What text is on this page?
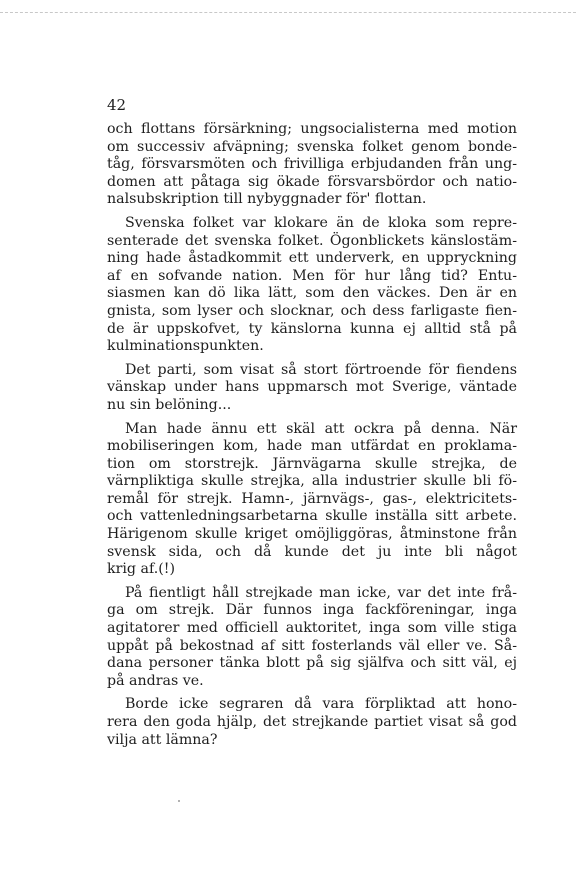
42
och flottans försärkning; ungsocialisterna med motion
om successiv afväpning; svenska folket genom bonde-
tåg, försvarsmöten och frivilliga erbjudanden från ung-
domen att påtaga sig ökade försvarsbördor och natio-
nalsubskription till nybyggnader för' flottan.
Svenska folket var klokare än de kloka som repre-
senterade det svenska folket. Ögonblickets känslostäm-
ning hade åstadkommit ett underverk, en uppryckning
af en sofvande nation. Men för hur lång tid? Entu-
siasmen kan dö lika lätt, som den väckes. Den är en
gnista, som lyser och slocknar, och dess farligaste fien-
de är uppskofvet, ty känslorna kunna ej alltid stå på
kulminationspunkten.
Det parti, som visat så stort förtroende för fiendens
vänskap under hans uppmarsch mot Sverige, väntade
nu sin belöning...
Man hade ännu ett skäl att ockra på denna. När
mobiliseringen kom, hade man utfärdat en proklama-
tion om storstrejk. Järnvägarna skulle strejka, de
värnpliktiga skulle strejka, alla industrier skulle bli fö-
remål för strejk. Hamn-, järnvägs-, gas-, elektricitets-
och vattenledningsarbetarna skulle inställa sitt arbete.
Härigenom skulle kriget omöjliggöras, åtminstone från
svensk sida, och då kunde det ju inte bli något
krig af.(!)
På fientligt håll strejkade man icke, var det inte frå-
ga om strejk. Där funnos inga fackföreningar, inga
agitatorer med officiell auktoritet, inga som ville stiga
uppåt på bekostnad af sitt fosterlands väl eller ve. Så-
dana personer tänka blott på sig själfva och sitt väl, ej
på andras ve.
Borde icke segraren då vara förpliktad att hono-
rera den goda hjälp, det strejkande partiet visat så god
vilja att lämna?
